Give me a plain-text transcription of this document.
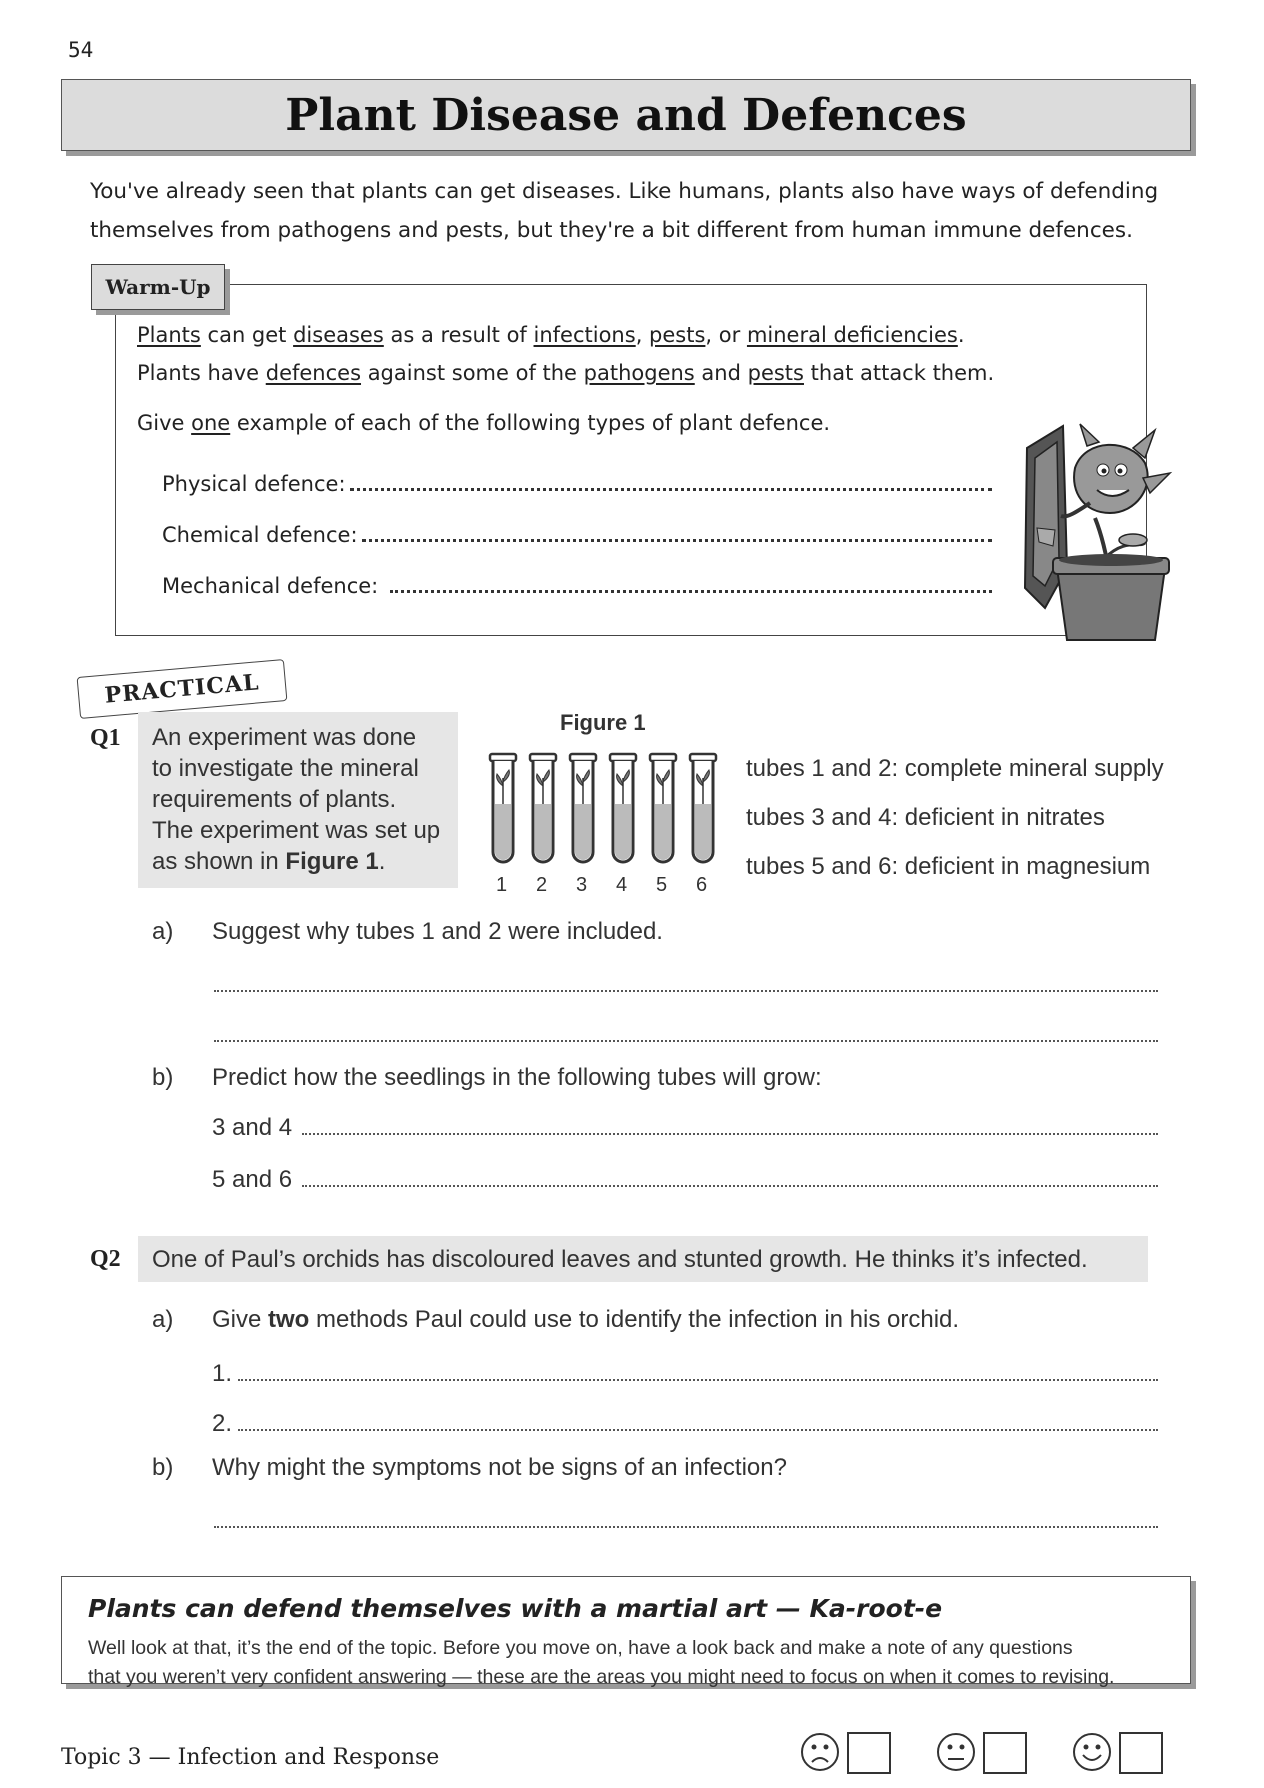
54
Plant Disease and Defences
You've already seen that plants can get diseases. Like humans, plants also have ways of defending
themselves from pathogens and pests, but they're a bit different from human immune defences.
Warm-Up
Plants can get diseases as a result of infections, pests, or mineral deficiencies.
Plants have defences against some of the pathogens and pests that attack them.
Give one example of each of the following types of plant defence.
Physical defence:
Chemical defence:
Mechanical defence:
PRACTICAL
Q1 An experiment was done
to investigate the mineral
requirements of plants.
The experiment was set up
as shown in Figure 1.
Figure 1
1 2 3 4 5 6
tubes 1 and 2: complete mineral supply
tubes 3 and 4: deficient in nitrates
tubes 5 and 6: deficient in magnesium
a) Suggest why tubes 1 and 2 were included.
b) Predict how the seedlings in the following tubes will grow:
3 and 4
5 and 6
Q2 One of Paul’s orchids has discoloured leaves and stunted growth. He thinks it’s infected.
a) Give two methods Paul could use to identify the infection in his orchid.
1.
2.
b) Why might the symptoms not be signs of an infection?
Plants can defend themselves with a martial art — Ka-root-e
Well look at that, it’s the end of the topic. Before you move on, have a look back and make a note of any questions
that you weren’t very confident answering — these are the areas you might need to focus on when it comes to revising.
Topic 3 — Infection and Response
